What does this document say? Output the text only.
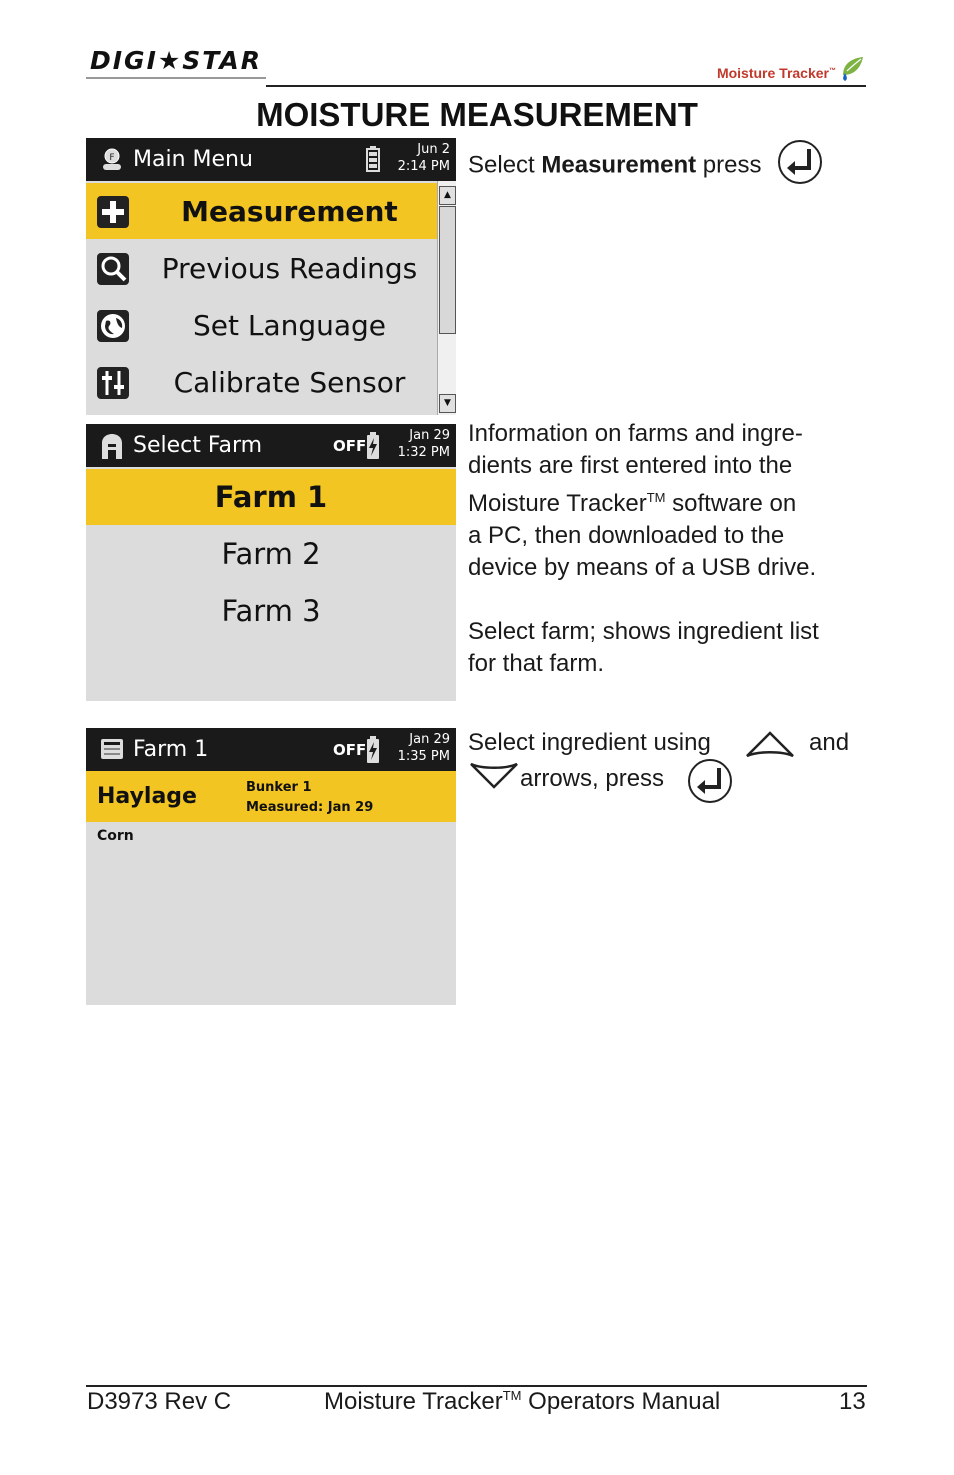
DIGI★STAR	Moisture Tracker™
MOISTURE MEASUREMENT
F Main Menu	Jun 2
2:14 PM
Measurement
Previous Readings
Set Language
Calibrate Sensor
▲
▼
Select Farm	OFF
Jan 29
1:32 PM
Farm 1
Farm 2
Farm 3
Farm 1	OFF
Jan 29
1:35 PM
Haylage	Bunker 1
Measured: Jan 29
Corn
Select Measurement press
Information on farms and ingre-
dients are first entered into the
Moisture Tracker™ software on
a PC, then downloaded to the
device by means of a USB drive.
Select farm; shows ingredient list
for that farm.
Select ingredient using	and
arrows, press
D3973 Rev C	Moisture Tracker™ Operators Manual	13
